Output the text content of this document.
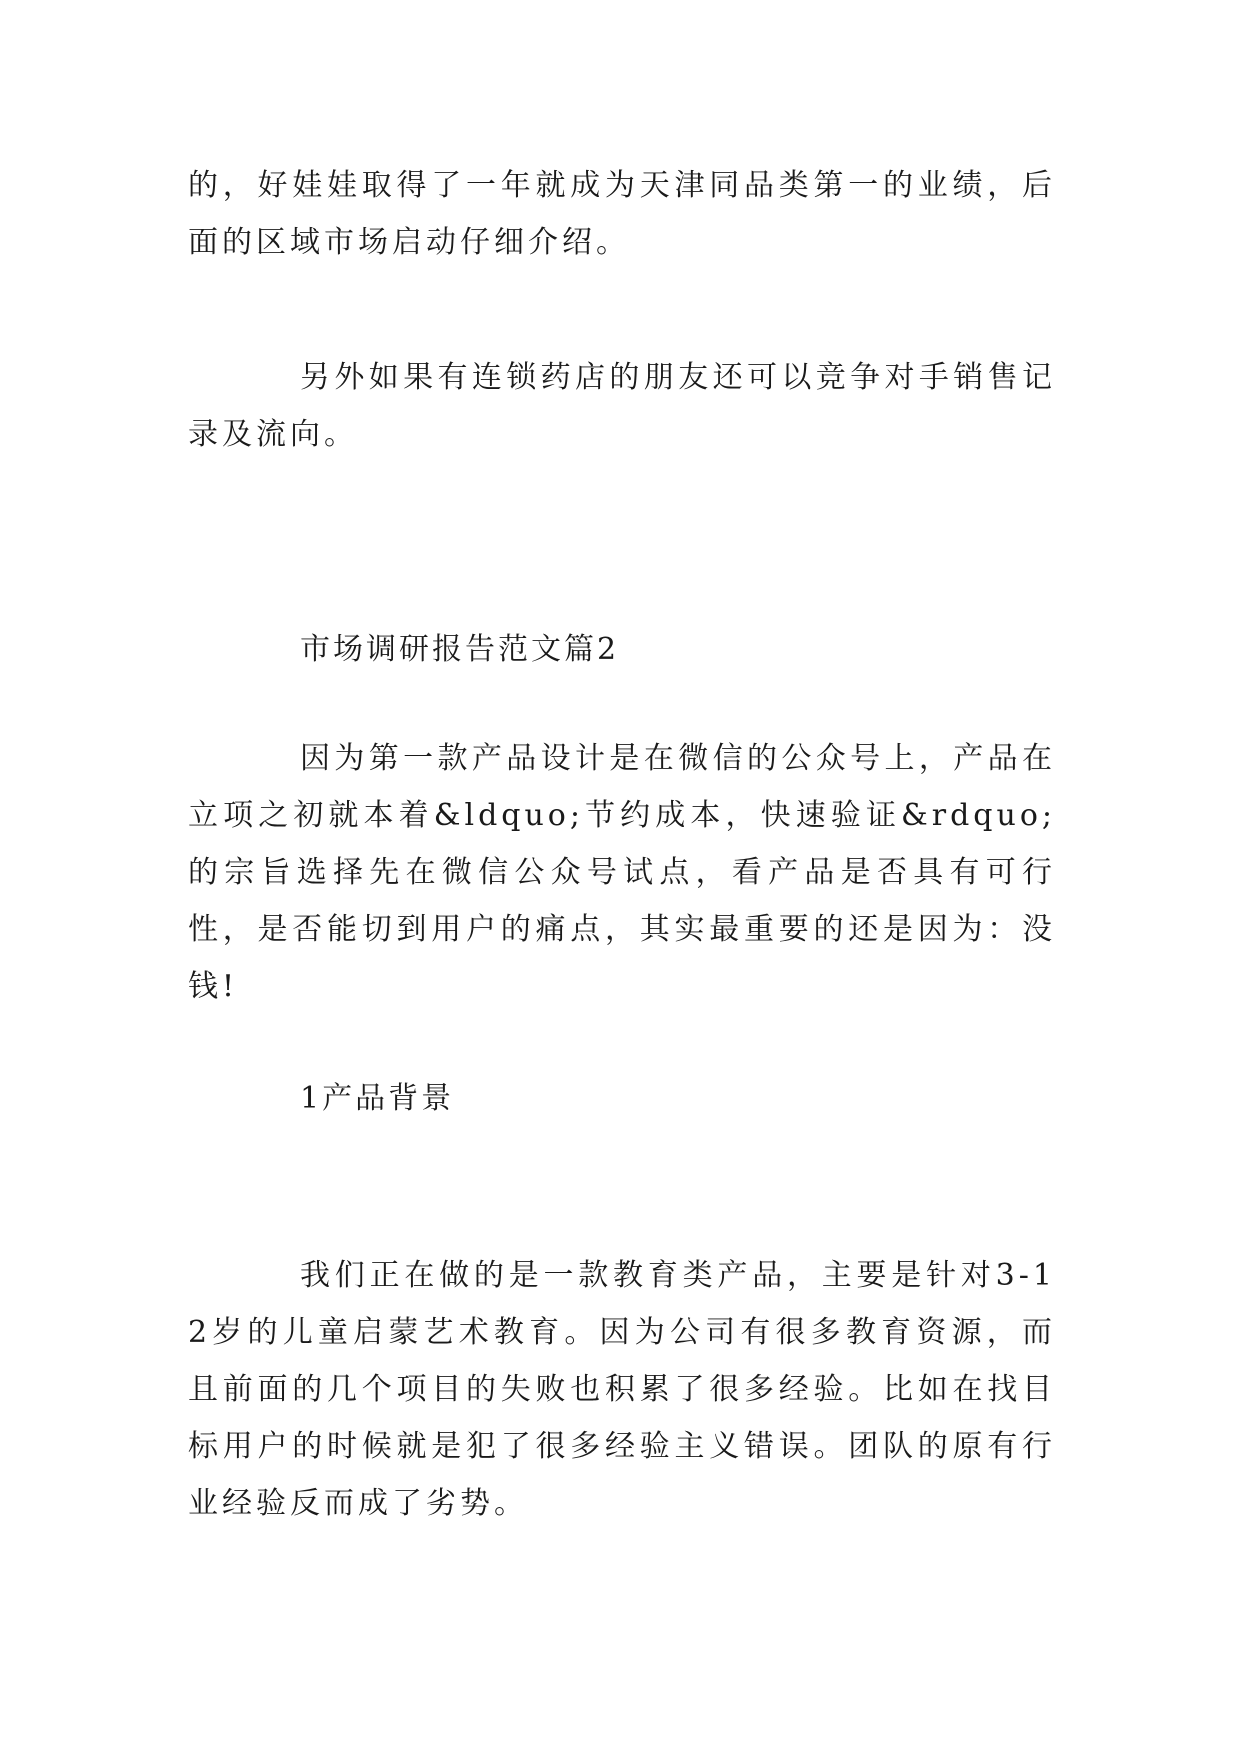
的，好娃娃取得了一年就成为天津同品类第一的业绩，后面的区域市场启动仔细介绍。

另外如果有连锁药店的朋友还可以竞争对手销售记录及流向。

市场调研报告范文篇2

因为第一款产品设计是在微信的公众号上，产品在立项之初就本着&ldquo;节约成本，快速验证&rdquo;的宗旨选择先在微信公众号试点，看产品是否具有可行性，是否能切到用户的痛点，其实最重要的还是因为：没钱!

1产品背景

我们正在做的是一款教育类产品，主要是针对3-12岁的儿童启蒙艺术教育。因为公司有很多教育资源，而且前面的几个项目的失败也积累了很多经验。比如在找目标用户的时候就是犯了很多经验主义错误。团队的原有行业经验反而成了劣势。
